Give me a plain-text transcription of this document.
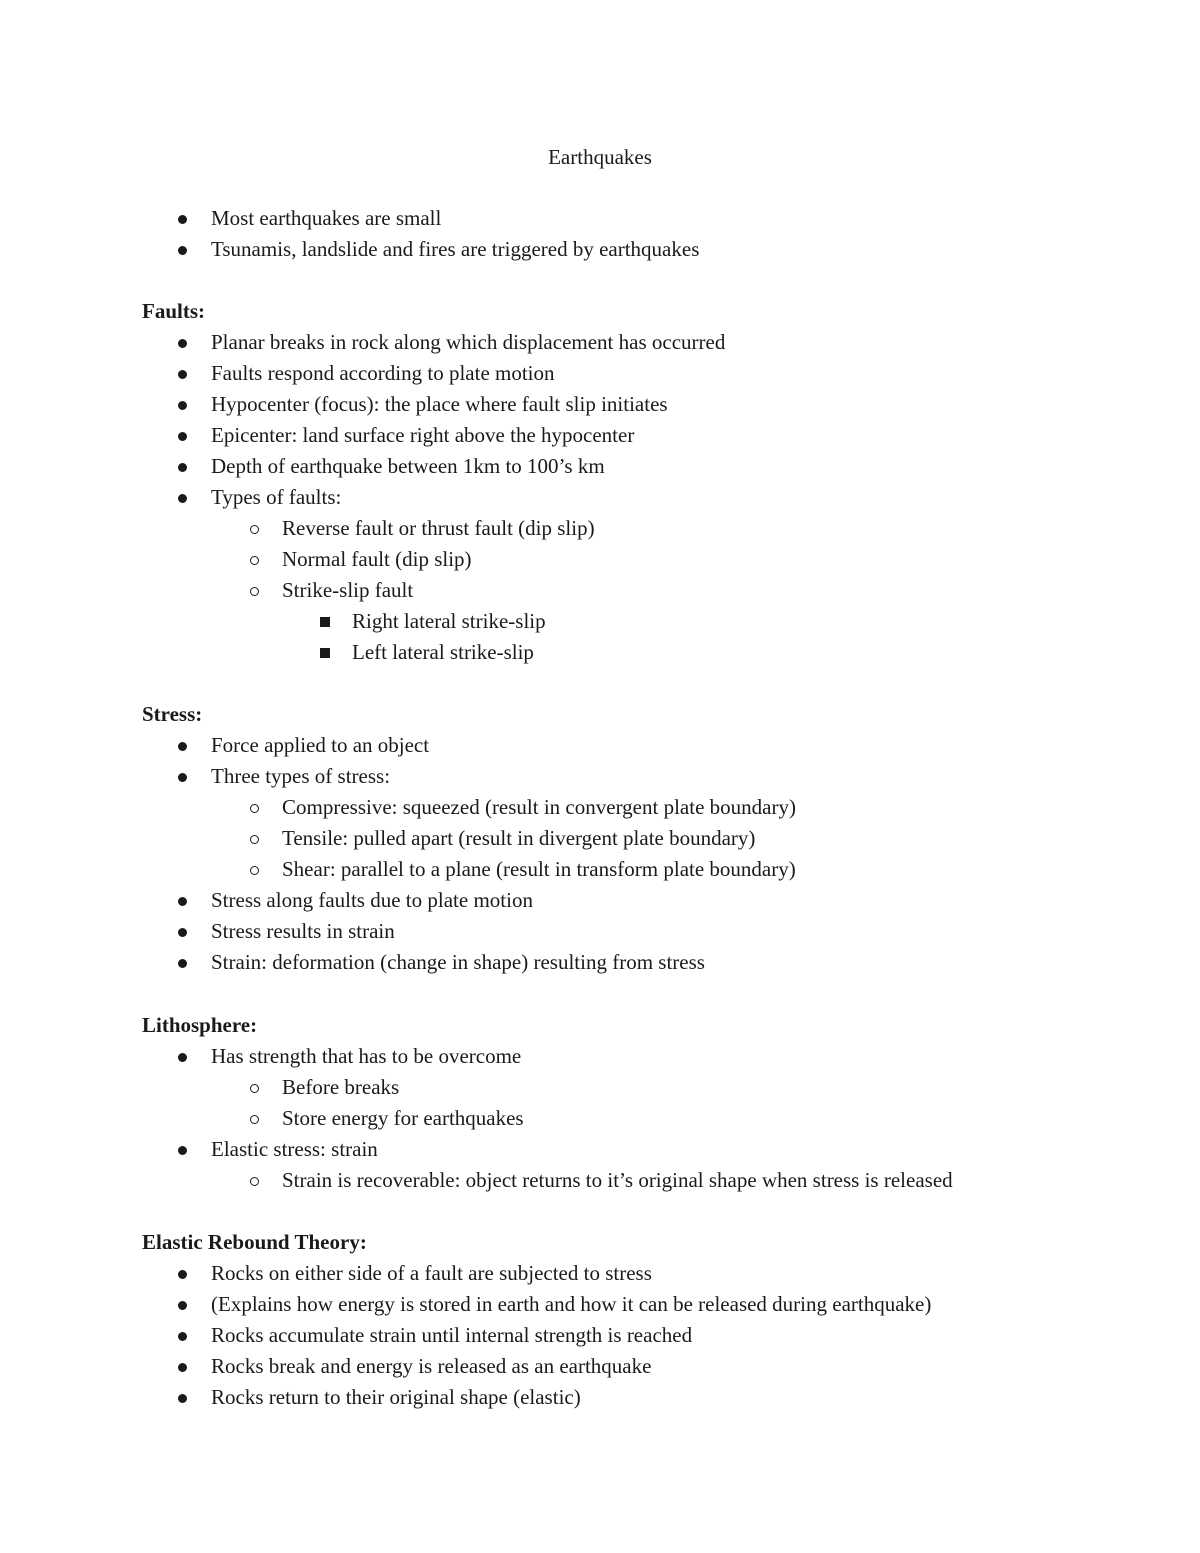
Earthquakes

Most earthquakes are small

Tsunamis, landslide and fires are triggered by earthquakes

Faults:

Planar breaks in rock along which displacement has occurred

Faults respond according to plate motion

Hypocenter (focus): the place where fault slip initiates

Epicenter: land surface right above the hypocenter

Depth of earthquake between 1km to 100’s km

Types of faults:

Reverse fault or thrust fault (dip slip)

Normal fault (dip slip)

Strike-slip fault

Right lateral strike-slip

Left lateral strike-slip

Stress:

Force applied to an object

Three types of stress:

Compressive: squeezed (result in convergent plate boundary)

Tensile: pulled apart (result in divergent plate boundary)

Shear: parallel to a plane (result in transform plate boundary)

Stress along faults due to plate motion

Stress results in strain

Strain: deformation (change in shape) resulting from stress

Lithosphere:

Has strength that has to be overcome

Before breaks

Store energy for earthquakes

Elastic stress: strain

Strain is recoverable: object returns to it’s original shape when stress is released

Elastic Rebound Theory:

Rocks on either side of a fault are subjected to stress

(Explains how energy is stored in earth and how it can be released during earthquake)

Rocks accumulate strain until internal strength is reached

Rocks break and energy is released as an earthquake

Rocks return to their original shape (elastic)
